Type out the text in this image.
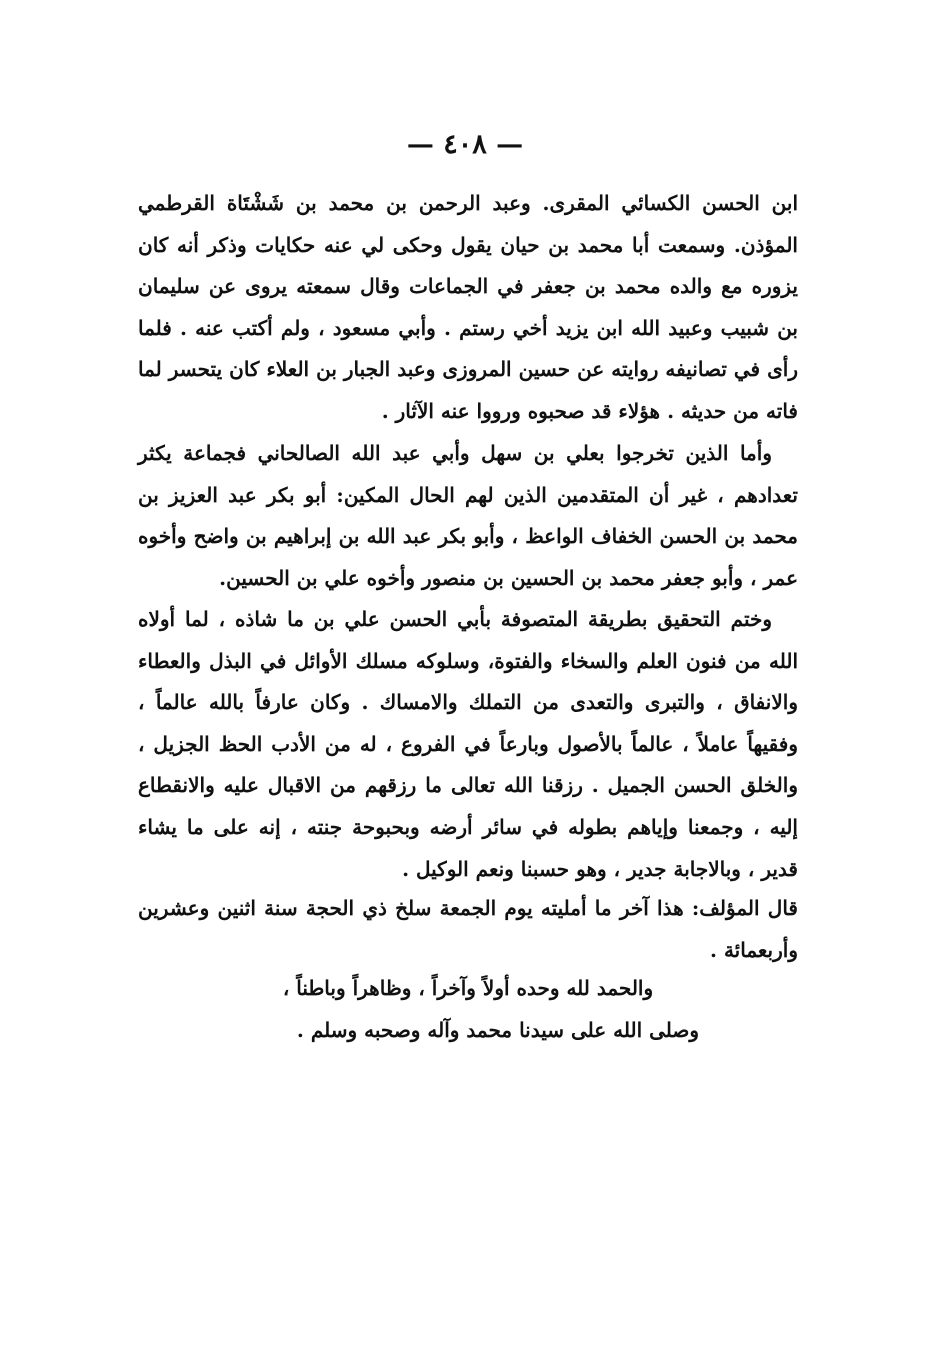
— ٤٠٨ —

ابن الحسن الكسائي المقرى. وعبد الرحمن بن محمد بن شَشْتَاة القرطمي المؤذن. وسمعت أبا محمد بن حيان يقول وحكى لي عنه حكايات وذكر أنه كان يزوره مع والده محمد بن جعفر في الجماعات وقال سمعته يروى عن سليمان بن شبيب وعبيد الله ابن يزيد أخي رستم . وأبي مسعود ، ولم أكتب عنه . فلما رأى في تصانيفه روايته عن حسين المروزى وعبد الجبار بن العلاء كان يتحسر لما فاته من حديثه . هؤلاء قد صحبوه ورووا عنه الآثار .

وأما الذين تخرجوا بعلي بن سهل وأبي عبد الله الصالحاني فجماعة يكثر تعدادهم ، غير أن المتقدمين الذين لهم الحال المكين: أبو بكر عبد العزيز بن محمد بن الحسن الخفاف الواعظ ، وأبو بكر عبد الله بن إبراهيم بن واضح وأخوه عمر ، وأبو جعفر محمد بن الحسين بن منصور وأخوه علي بن الحسين.

وختم التحقيق بطريقة المتصوفة بأبي الحسن علي بن ما شاذه ، لما أولاه الله من فنون العلم والسخاء والفتوة، وسلوكه مسلك الأوائل في البذل والعطاء والانفاق ، والتبرى والتعدى من التملك والامساك . وكان عارفاً بالله عالماً ، وفقيهاً عاملاً ، عالماً بالأصول وبارعاً في الفروع ، له من الأدب الحظ الجزيل ، والخلق الحسن الجميل . رزقنا الله تعالى ما رزقهم من الاقبال عليه والانقطاع إليه ، وجمعنا وإياهم بطوله في سائر أرضه وبحبوحة جنته ، إنه على ما يشاء قدير ، وبالاجابة جدير ، وهو حسبنا ونعم الوكيل .

قال المؤلف: هذا آخر ما أمليته يوم الجمعة سلخ ذي الحجة سنة اثنين وعشرين وأربعمائة .

والحمد لله وحده أولاً وآخراً ، وظاهراً وباطناً ،
وصلى الله على سيدنا محمد وآله وصحبه وسلم .
